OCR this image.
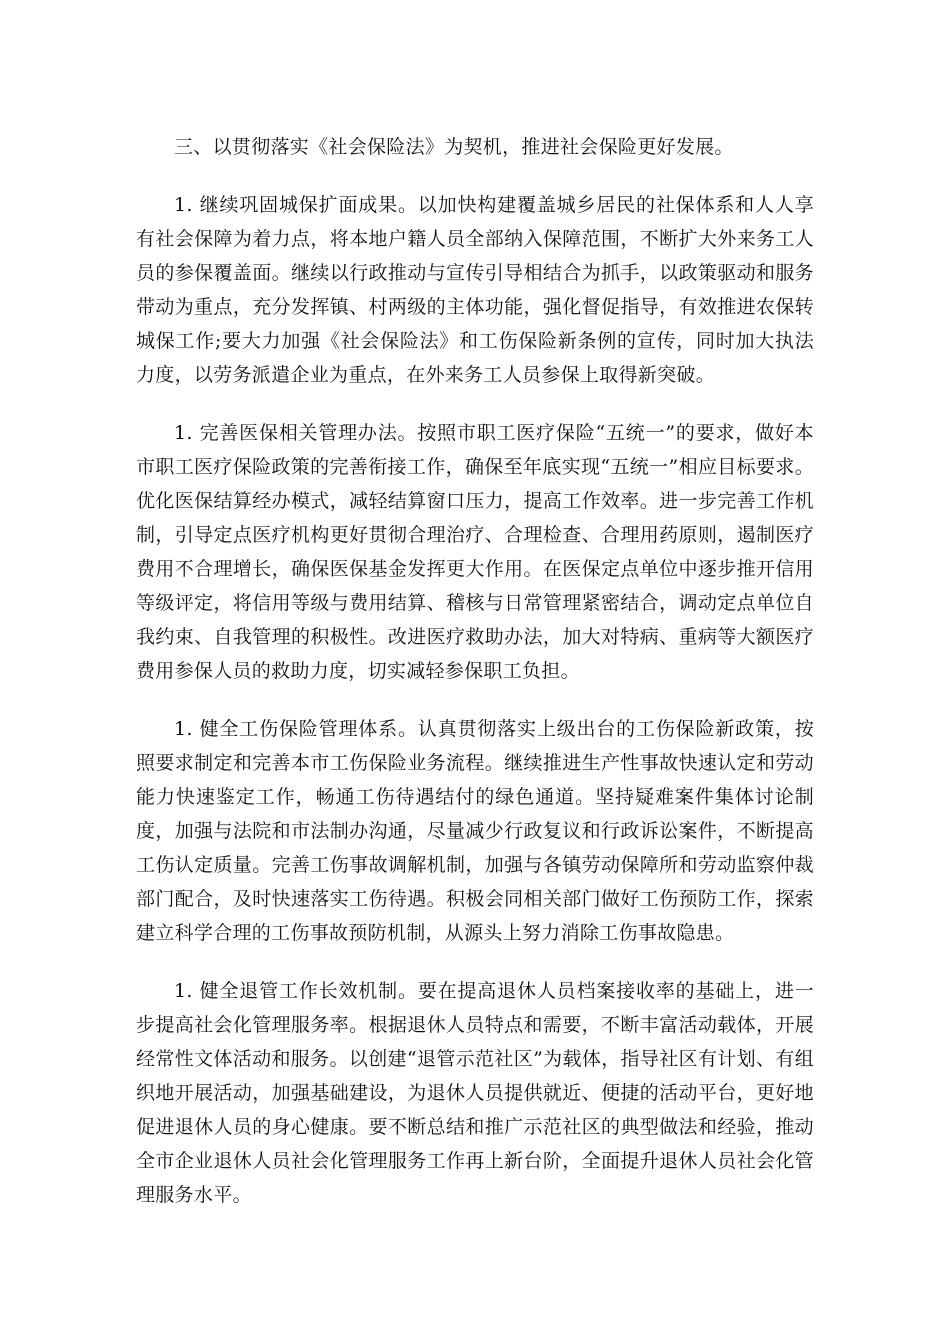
三、以贯彻落实《社会保险法》为契机，推进社会保险更好发展。

1. 继续巩固城保扩面成果。以加快构建覆盖城乡居民的社保体系和人人享有社会保障为着力点，将本地户籍人员全部纳入保障范围，不断扩大外来务工人员的参保覆盖面。继续以行政推动与宣传引导相结合为抓手，以政策驱动和服务带动为重点，充分发挥镇、村两级的主体功能，强化督促指导，有效推进农保转城保工作;要大力加强《社会保险法》和工伤保险新条例的宣传，同时加大执法力度，以劳务派遣企业为重点，在外来务工人员参保上取得新突破。

1. 完善医保相关管理办法。按照市职工医疗保险“五统一”的要求，做好本市职工医疗保险政策的完善衔接工作，确保至年底实现“五统一”相应目标要求。优化医保结算经办模式，减轻结算窗口压力，提高工作效率。进一步完善工作机制，引导定点医疗机构更好贯彻合理治疗、合理检查、合理用药原则，遏制医疗费用不合理增长，确保医保基金发挥更大作用。在医保定点单位中逐步推开信用等级评定，将信用等级与费用结算、稽核与日常管理紧密结合，调动定点单位自我约束、自我管理的积极性。改进医疗救助办法，加大对特病、重病等大额医疗费用参保人员的救助力度，切实减轻参保职工负担。

1. 健全工伤保险管理体系。认真贯彻落实上级出台的工伤保险新政策，按照要求制定和完善本市工伤保险业务流程。继续推进生产性事故快速认定和劳动能力快速鉴定工作，畅通工伤待遇结付的绿色通道。坚持疑难案件集体讨论制度，加强与法院和市法制办沟通，尽量减少行政复议和行政诉讼案件，不断提高工伤认定质量。完善工伤事故调解机制，加强与各镇劳动保障所和劳动监察仲裁部门配合，及时快速落实工伤待遇。积极会同相关部门做好工伤预防工作，探索建立科学合理的工伤事故预防机制，从源头上努力消除工伤事故隐患。

1. 健全退管工作长效机制。要在提高退休人员档案接收率的基础上，进一步提高社会化管理服务率。根据退休人员特点和需要，不断丰富活动载体，开展经常性文体活动和服务。以创建“退管示范社区”为载体，指导社区有计划、有组织地开展活动，加强基础建设，为退休人员提供就近、便捷的活动平台，更好地促进退休人员的身心健康。要不断总结和推广示范社区的典型做法和经验，推动全市企业退休人员社会化管理服务工作再上新台阶，全面提升退休人员社会化管理服务水平。
